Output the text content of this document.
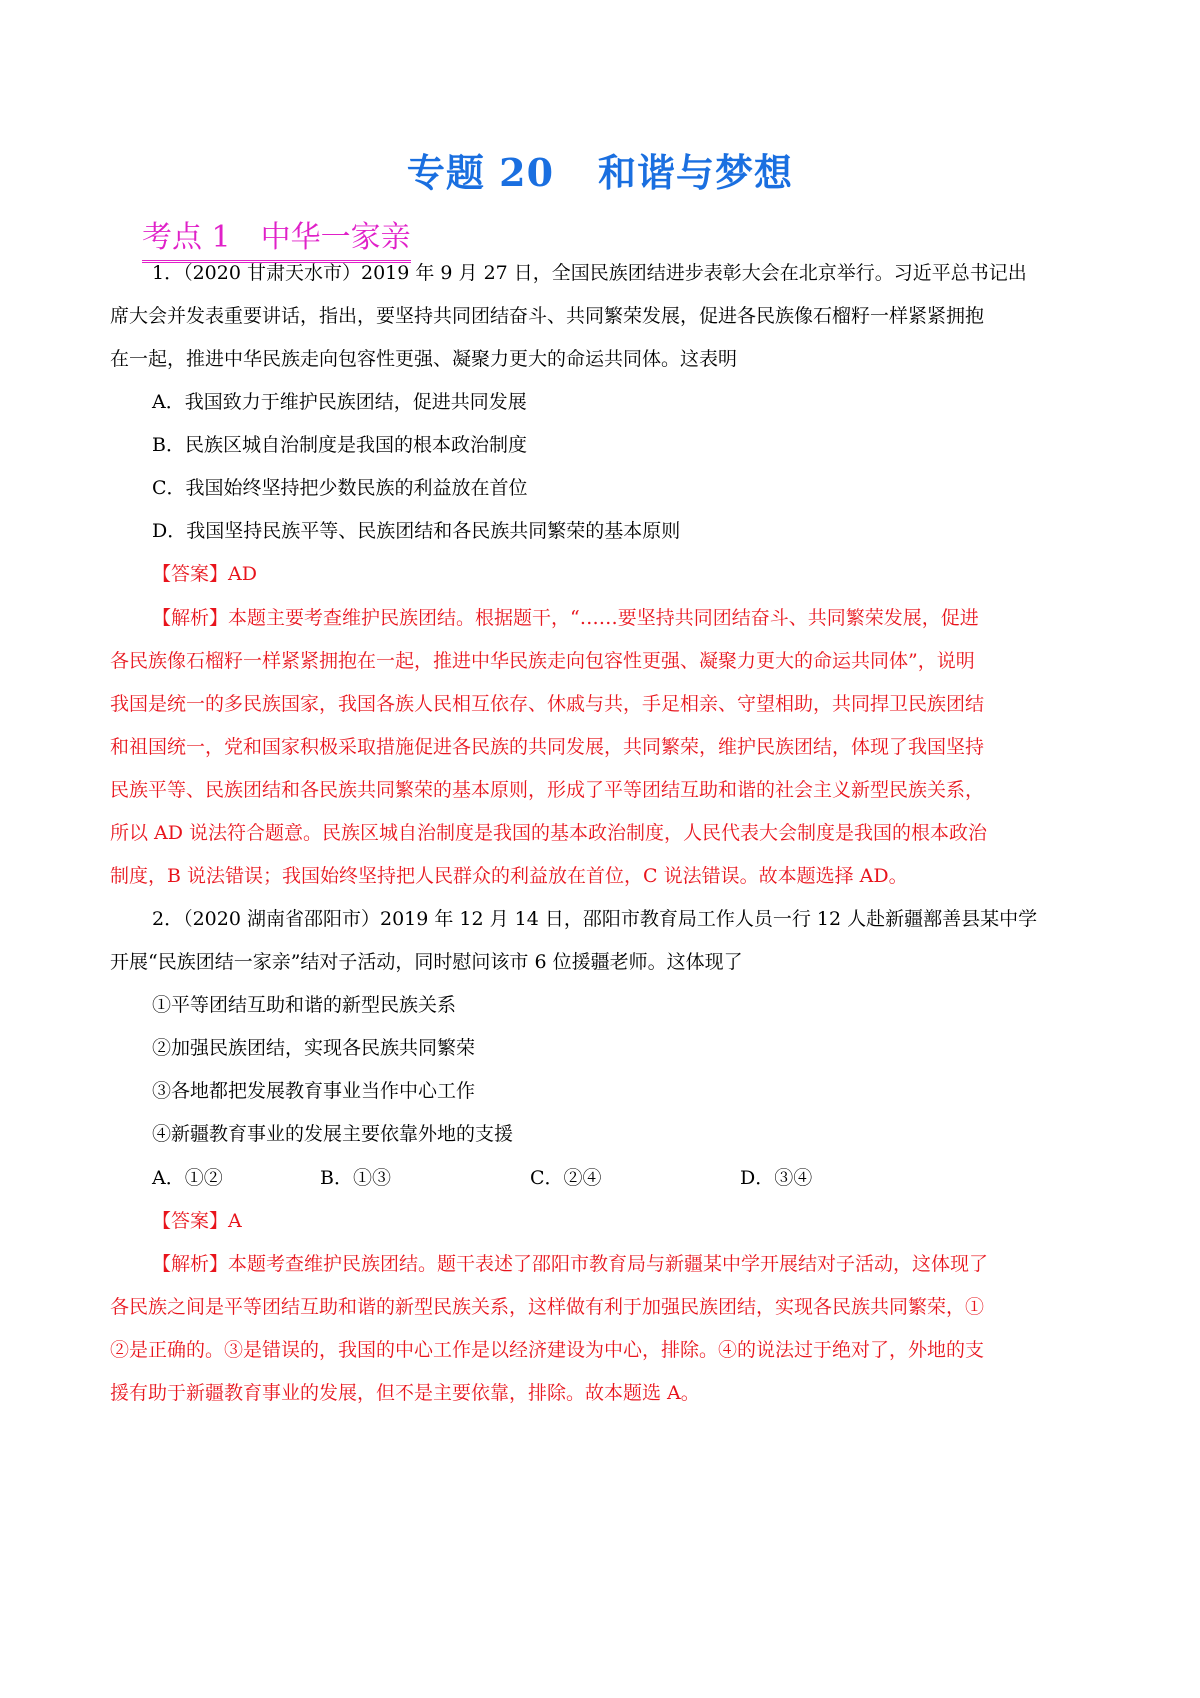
专题 20 和谐与梦想
考点 1 中华一家亲
1．（2020 甘肃天水市）2019 年 9 月 27 日，全国民族团结进步表彰大会在北京举行。习近平总书记出
席大会并发表重要讲话，指出，要坚持共同团结奋斗、共同繁荣发展，促进各民族像石榴籽一样紧紧拥抱
在一起，推进中华民族走向包容性更强、凝聚力更大的命运共同体。这表明
A．我国致力于维护民族团结，促进共同发展
B．民族区城自治制度是我国的根本政治制度
C．我国始终坚持把少数民族的利益放在首位
D．我国坚持民族平等、民族团结和各民族共同繁荣的基本原则
【答案】AD
【解析】本题主要考查维护民族团结。根据题干，“……要坚持共同团结奋斗、共同繁荣发展，促进
各民族像石榴籽一样紧紧拥抱在一起，推进中华民族走向包容性更强、凝聚力更大的命运共同体”，说明
我国是统一的多民族国家，我国各族人民相互依存、休戚与共，手足相亲、守望相助，共同捍卫民族团结
和祖国统一，党和国家积极采取措施促进各民族的共同发展，共同繁荣，维护民族团结，体现了我国坚持
民族平等、民族团结和各民族共同繁荣的基本原则，形成了平等团结互助和谐的社会主义新型民族关系，
所以 AD 说法符合题意。民族区城自治制度是我国的基本政治制度，人民代表大会制度是我国的根本政治
制度，B 说法错误；我国始终坚持把人民群众的利益放在首位，C 说法错误。故本题选择 AD。
2．（2020 湖南省邵阳市）2019 年 12 月 14 日，邵阳市教育局工作人员一行 12 人赴新疆鄯善县某中学
开展“民族团结一家亲”结对子活动，同时慰问该市 6 位援疆老师。这体现了
①平等团结互助和谐的新型民族关系
②加强民族团结，实现各民族共同繁荣
③各地都把发展教育事业当作中心工作
④新疆教育事业的发展主要依靠外地的支援
A．①②	B．①③	C．②④	D．③④
【答案】A
【解析】本题考查维护民族团结。题干表述了邵阳市教育局与新疆某中学开展结对子活动，这体现了
各民族之间是平等团结互助和谐的新型民族关系，这样做有利于加强民族团结，实现各民族共同繁荣，①
②是正确的。③是错误的，我国的中心工作是以经济建设为中心，排除。④的说法过于绝对了，外地的支
援有助于新疆教育事业的发展，但不是主要依靠，排除。故本题选 A。
